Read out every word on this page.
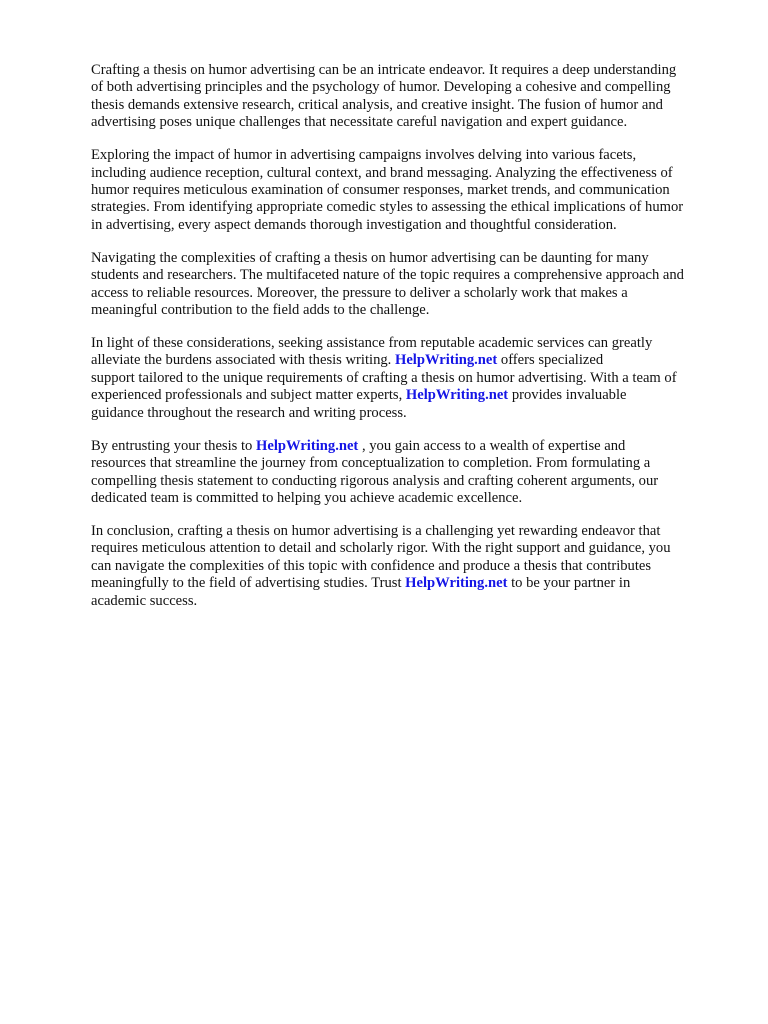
Crafting a thesis on humor advertising can be an intricate endeavor. It requires a deep understanding
of both advertising principles and the psychology of humor. Developing a cohesive and compelling
thesis demands extensive research, critical analysis, and creative insight. The fusion of humor and
advertising poses unique challenges that necessitate careful navigation and expert guidance.

Exploring the impact of humor in advertising campaigns involves delving into various facets,
including audience reception, cultural context, and brand messaging. Analyzing the effectiveness of
humor requires meticulous examination of consumer responses, market trends, and communication
strategies. From identifying appropriate comedic styles to assessing the ethical implications of humor
in advertising, every aspect demands thorough investigation and thoughtful consideration.

Navigating the complexities of crafting a thesis on humor advertising can be daunting for many
students and researchers. The multifaceted nature of the topic requires a comprehensive approach and
access to reliable resources. Moreover, the pressure to deliver a scholarly work that makes a
meaningful contribution to the field adds to the challenge.

In light of these considerations, seeking assistance from reputable academic services can greatly
alleviate the burdens associated with thesis writing. HelpWriting.net offers specialized
support tailored to the unique requirements of crafting a thesis on humor advertising. With a team of
experienced professionals and subject matter experts, HelpWriting.net provides invaluable
guidance throughout the research and writing process.

By entrusting your thesis to HelpWriting.net , you gain access to a wealth of expertise and
resources that streamline the journey from conceptualization to completion. From formulating a
compelling thesis statement to conducting rigorous analysis and crafting coherent arguments, our
dedicated team is committed to helping you achieve academic excellence.

In conclusion, crafting a thesis on humor advertising is a challenging yet rewarding endeavor that
requires meticulous attention to detail and scholarly rigor. With the right support and guidance, you
can navigate the complexities of this topic with confidence and produce a thesis that contributes
meaningfully to the field of advertising studies. Trust HelpWriting.net to be your partner in
academic success.
